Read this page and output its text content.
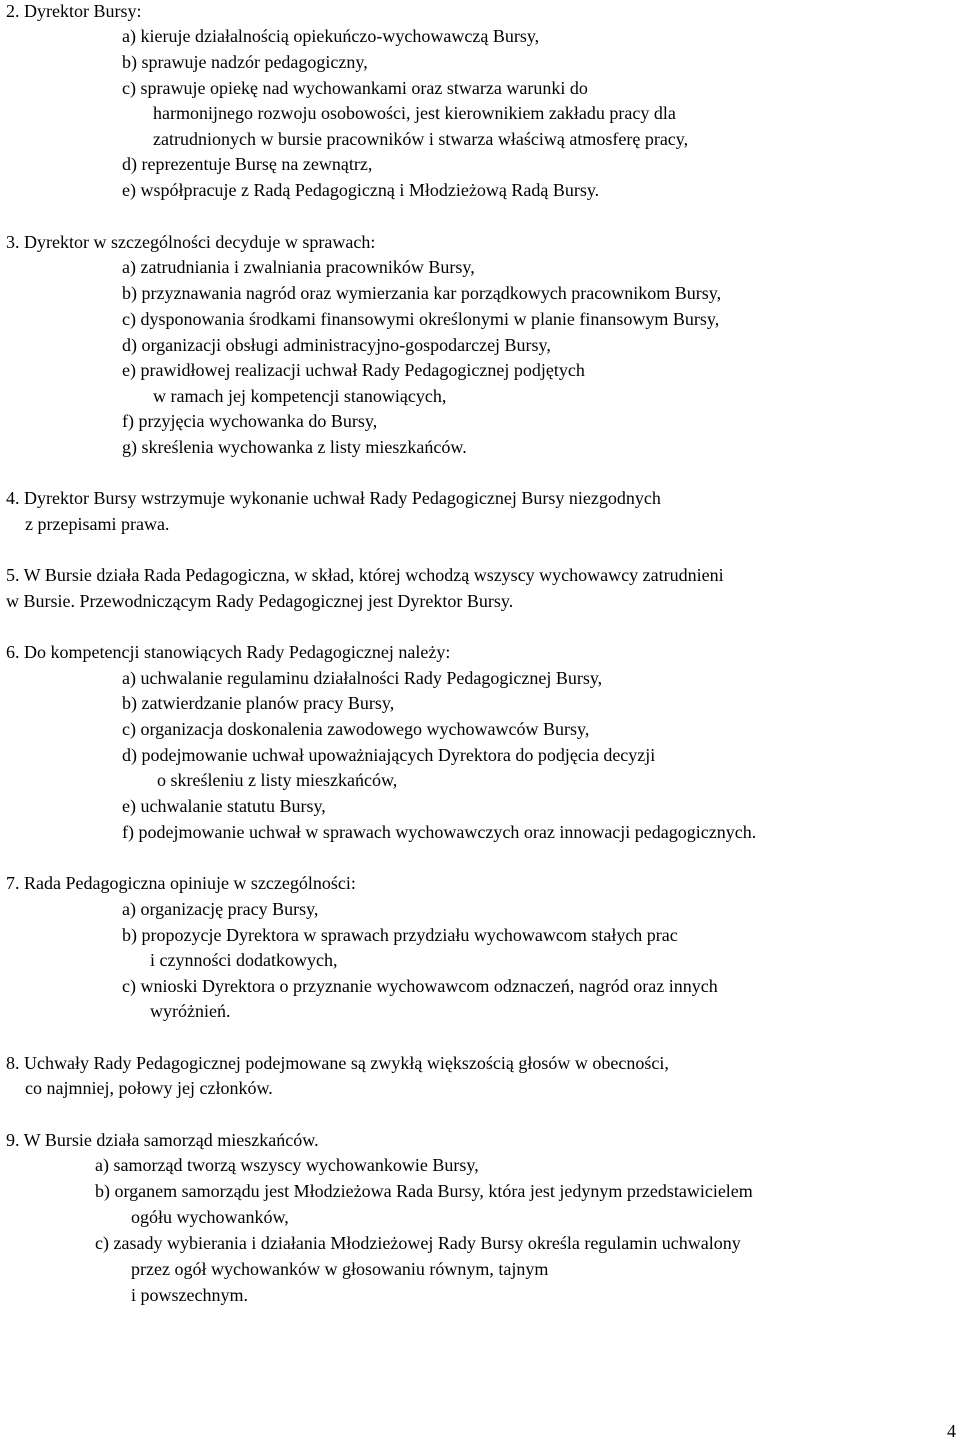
2. Dyrektor Bursy:
a) kieruje działalnością opiekuńczo-wychowawczą Bursy,
b) sprawuje nadzór pedagogiczny,
c) sprawuje opiekę nad wychowankami oraz stwarza warunki do
harmonijnego rozwoju osobowości, jest kierownikiem zakładu pracy dla
zatrudnionych w bursie pracowników i stwarza właściwą atmosferę pracy,
d) reprezentuje Bursę na zewnątrz,
e) współpracuje z Radą Pedagogiczną i Młodzieżową Radą Bursy.
3. Dyrektor w szczególności decyduje w sprawach:
a) zatrudniania i zwalniania pracowników Bursy,
b) przyznawania nagród oraz wymierzania kar porządkowych pracownikom Bursy,
c) dysponowania środkami finansowymi określonymi w planie finansowym Bursy,
d) organizacji obsługi administracyjno-gospodarczej Bursy,
e) prawidłowej realizacji uchwał Rady Pedagogicznej podjętych
w ramach jej kompetencji stanowiących,
f) przyjęcia wychowanka do Bursy,
g) skreślenia wychowanka z listy mieszkańców.
4. Dyrektor Bursy wstrzymuje wykonanie uchwał Rady Pedagogicznej Bursy niezgodnych
z przepisami prawa.
5. W Bursie działa Rada Pedagogiczna, w skład, której wchodzą wszyscy wychowawcy zatrudnieni
w Bursie. Przewodniczącym Rady Pedagogicznej jest Dyrektor Bursy.
6. Do kompetencji stanowiących Rady Pedagogicznej należy:
a) uchwalanie regulaminu działalności Rady Pedagogicznej Bursy,
b) zatwierdzanie planów pracy Bursy,
c) organizacja doskonalenia zawodowego wychowawców Bursy,
d) podejmowanie uchwał upoważniających Dyrektora do podjęcia decyzji
o skreśleniu z listy mieszkańców,
e) uchwalanie statutu Bursy,
f) podejmowanie uchwał w sprawach wychowawczych oraz innowacji pedagogicznych.
7. Rada Pedagogiczna opiniuje w szczególności:
a) organizację pracy Bursy,
b) propozycje Dyrektora w sprawach przydziału wychowawcom stałych prac
i czynności dodatkowych,
c) wnioski Dyrektora o przyznanie wychowawcom odznaczeń, nagród oraz innych
wyróżnień.
8. Uchwały Rady Pedagogicznej podejmowane są zwykłą większością głosów w obecności,
co najmniej, połowy jej członków.
9. W Bursie działa samorząd mieszkańców.
a) samorząd tworzą wszyscy wychowankowie Bursy,
b) organem samorządu jest Młodzieżowa Rada Bursy, która jest jedynym przedstawicielem
ogółu wychowanków,
c) zasady wybierania i działania Młodzieżowej Rady Bursy określa regulamin uchwalony
przez ogół wychowanków w głosowaniu równym, tajnym
i powszechnym.
4
